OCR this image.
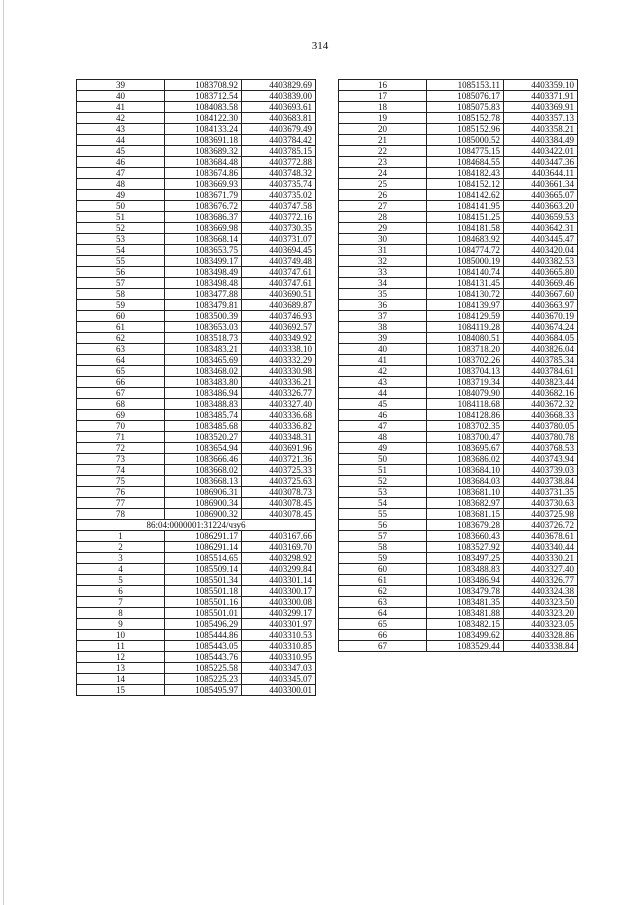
314
39	1083708.92	4403829.69
40	1083712.54	4403839.00
41	1084083.58	4403693.61
42	1084122.30	4403683.81
43	1084133.24	4403679.49
44	1083691.18	4403784.42
45	1083689.32	4403785.15
46	1083684.48	4403772.88
47	1083674.86	4403748.32
48	1083669.93	4403735.74
49	1083671.79	4403735.02
50	1083676.72	4403747.58
51	1083686.37	4403772.16
52	1083669.98	4403730.35
53	1083668.14	4403731.07
54	1083653.75	4403694.45
55	1083499.17	4403749.48
56	1083498.49	4403747.61
57	1083498.48	4403747.61
58	1083477.88	4403690.51
59	1083479.81	4403689.87
60	1083500.39	4403746.93
61	1083653.03	4403692.57
62	1083518.73	4403349.92
63	1083483.21	4403338.10
64	1083465.69	4403332.29
65	1083468.02	4403330.98
66	1083483.80	4403336.21
67	1083486.94	4403326.77
68	1083488.83	4403327.40
69	1083485.74	4403336.68
70	1083485.68	4403336.82
71	1083520.27	4403348.31
72	1083654.94	4403691.96
73	1083666.46	4403721.36
74	1083668.02	4403725.33
75	1083668.13	4403725.63
76	1086906.31	4403078.73
77	1086900.34	4403078.45
78	1086900.32	4403078.45
86:04:0000001:31224/чзу6		
1	1086291.17	4403167.66
2	1086291.14	4403169.70
3	1085514.65	4403298.92
4	1085509.14	4403299.84
5	1085501.34	4403301.14
6	1085501.18	4403300.17
7	1085501.16	4403300.08
8	1085501.01	4403299.17
9	1085496.29	4403301.97
10	1085444.86	4403310.53
11	1085443.05	4403310.85
12	1085443.76	4403310.95
13	1085225.58	4403347.03
14	1085225.23	4403345.07
15	1085495.97	4403300.01
16	1085153.11	4403359.10
17	1085076.17	4403371.91
18	1085075.83	4403369.91
19	1085152.78	4403357.13
20	1085152.96	4403358.21
21	1085000.52	4403384.49
22	1084775.15	4403422.01
23	1084684.55	4403447.36
24	1084182.43	4403644.11
25	1084152.12	4403661.34
26	1084142.62	4403665.07
27	1084141.95	4403663.20
28	1084151.25	4403659.53
29	1084181.58	4403642.31
30	1084683.92	4403445.47
31	1084774.72	4403420.04
32	1085000.19	4403382.53
33	1084140.74	4403665.80
34	1084131.45	4403669.46
35	1084130.72	4403667.60
36	1084139.97	4403663.97
37	1084129.59	4403670.19
38	1084119.28	4403674.24
39	1084080.51	4403684.05
40	1083718.20	4403826.04
41	1083702.26	4403785.34
42	1083704.13	4403784.61
43	1083719.34	4403823.44
44	1084079.90	4403682.16
45	1084118.68	4403672.32
46	1084128.86	4403668.33
47	1083702.35	4403780.05
48	1083700.47	4403780.78
49	1083695.67	4403768.53
50	1083686.02	4403743.94
51	1083684.10	4403739.03
52	1083684.03	4403738.84
53	1083681.10	4403731.35
54	1083682.97	4403730.63
55	1083681.15	4403725.98
56	1083679.28	4403726.72
57	1083660.43	4403678.61
58	1083527.92	4403340.44
59	1083497.25	4403330.21
60	1083488.83	4403327.40
61	1083486.94	4403326.77
62	1083479.78	4403324.38
63	1083481.35	4403323.50
64	1083481.88	4403323.20
65	1083482.15	4403323.05
66	1083499.62	4403328.86
67	1083529.44	4403338.84
